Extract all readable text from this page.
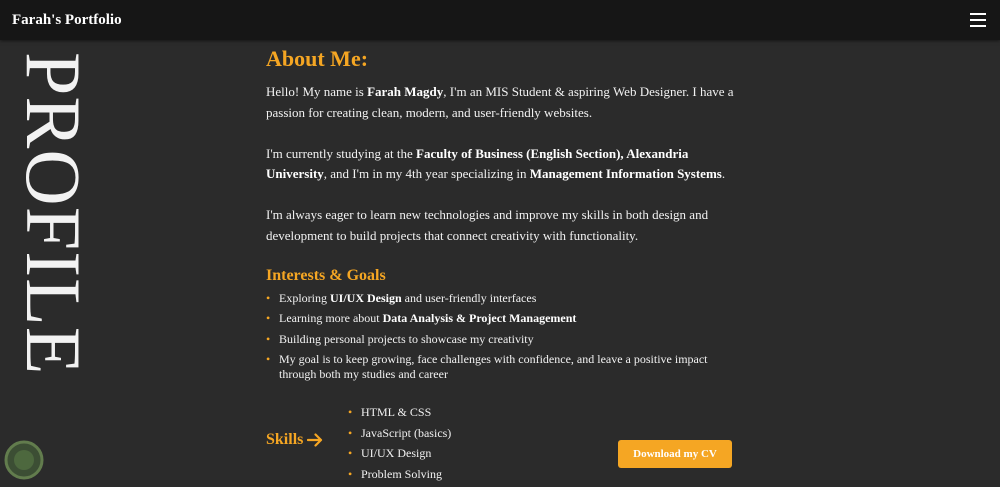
Farah's Portfolio
PROFILE	About Me:

Hello! My name is Farah Magdy, I'm an MIS Student & aspiring Web Designer. I have a passion for creating clean, modern, and user-friendly websites.

I'm currently studying at the Faculty of Business (English Section), Alexandria University, and I'm in my 4th year specializing in Management Information Systems.

I'm always eager to learn new technologies and improve my skills in both design and development to build projects that connect creativity with functionality.

Interests & Goals
• Exploring UI/UX Design and user-friendly interfaces
• Learning more about Data Analysis & Project Management
• Building personal projects to showcase my creativity
• My goal is to keep growing, face challenges with confidence, and leave a positive impact through both my studies and career
Skills
• HTML & CSS
• JavaScript (basics)
• UI/UX Design
• Problem Solving
Download my CV
